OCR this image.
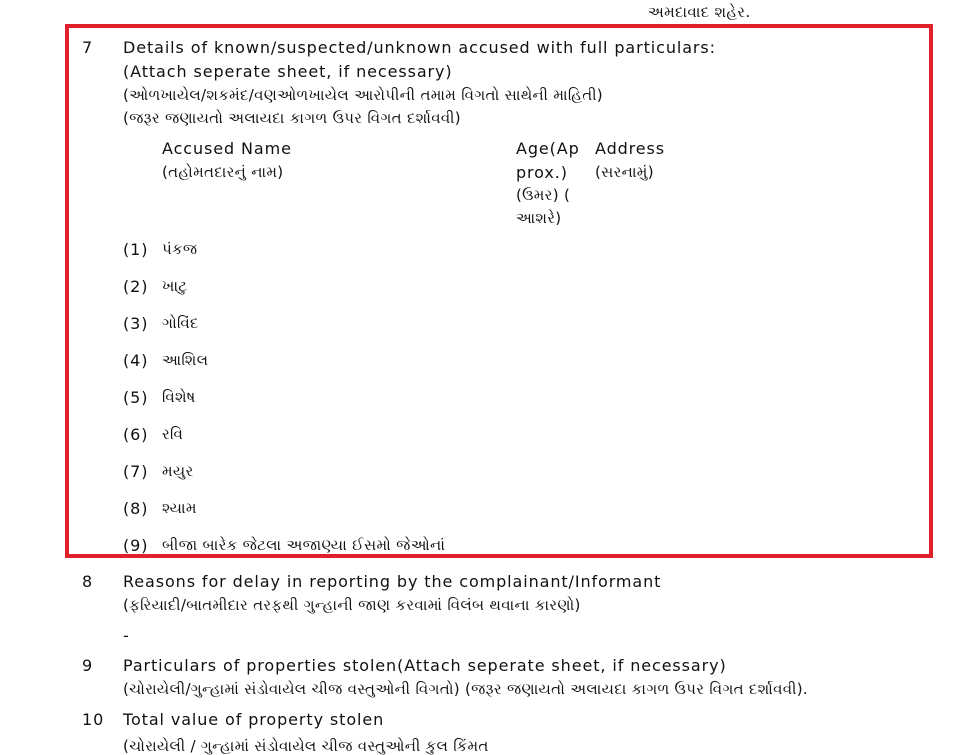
અમદાવાદ શહેર.
7 Details of known/suspected/unknown accused with full particulars:
(Attach seperate sheet, if necessary)
(ઓળખાયેલ/શકમંદ/વણઓળખાયેલ આરોપીની તમામ વિગતો સાથેની માહિતી)
(જરૂર જણાયતો અલાયદા કાગળ ઉપર વિગત દર્શાવવી)
Accused Name
(તહોમતદારનું નામ)
Age(Ap
prox.)
(ઉમર) (
આશરે)
Address
(સરનામું)
(1) પંકજ
(2) ખાટુ
(3) ગોવિંદ
(4) આશિલ
(5) વિશેષ
(6) રવિ
(7) મયુર
(8) શ્યામ
(9) બીજા બારેક જેટલા અજાણ્યા ઈસમો જેઓનાં
8 Reasons for delay in reporting by the complainant/Informant
(ફરિયાદી/બાતમીદાર તરફથી ગુન્હાની જાણ કરવામાં વિલંબ થવાના કારણો)
-
9 Particulars of properties stolen(Attach seperate sheet, if necessary)
(ચોરાયેલી/ગુન્હામાં સંડોવાયેલ ચીજ વસ્તુઓની વિગતો) (જરૂર જણાયતો અલાયદા કાગળ ઉપર વિગત દર્શાવવી).
10 Total value of property stolen
(ચોરાયેલી / ગુન્હામાં સંડોવાયેલ ચીજ વસ્તુઓની કુલ કિંમત
